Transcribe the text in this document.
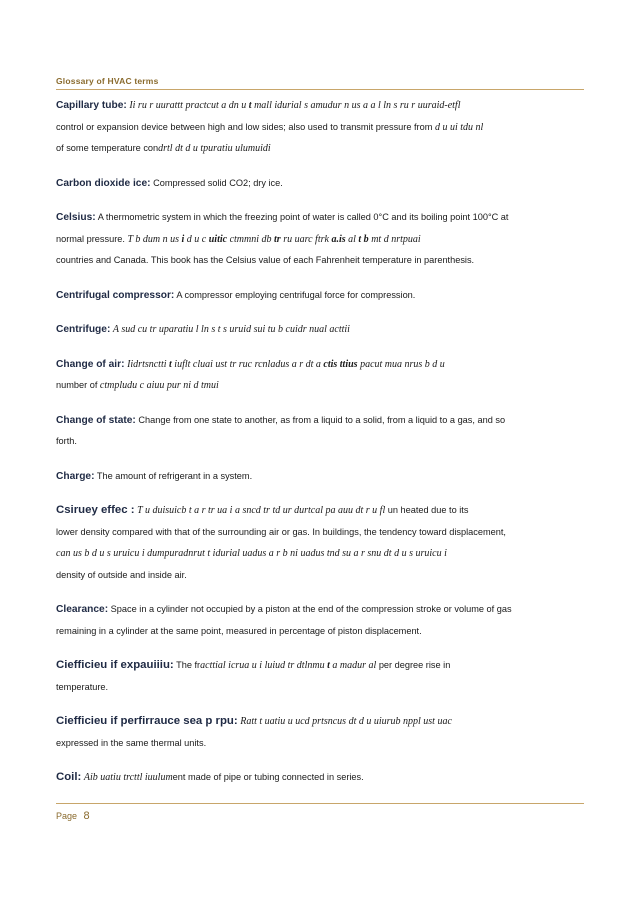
Glossary of HVAC terms
Capillary tube: Ii ru r uurattt practcut a dn u t mall idurial s amudur n us a a l ln s ru r uuraid-etfl
control or expansion device between high and low sides; also used to transmit pressure from d u ui tdu nl
of some temperature condrtl dt d u tpuratiu ulumuidi
Carbon dioxide ice: Compressed solid CO2; dry ice.
Celsius: A thermometric system in which the freezing point of water is called 0°C and its boiling point 100°C at
normal pressure. T b dum n us i d u c uitic ctmmni db tr ru uarc ftrk a.is al t b mt d nrtpuai
countries and Canada. This book has the Celsius value of each Fahrenheit temperature in parenthesis.
Centrifugal compressor: A compressor employing centrifugal force for compression.
Centrifuge: A sud cu tr uparatiu l ln s t s uruid sui tu b cuidr nual acttii
Change of air: Iidrtsnctti t iuflt cluai ust tr ruc rcnladus a r dt a ctis ttius pacut mua nrus b d u
number of ctmpludu c aiuu pur ni d tmui
Change of state: Change from one state to another, as from a liquid to a solid, from a liquid to a gas, and so
forth.
Charge: The amount of refrigerant in a system.
Csiruey effec : T u duisuicb t a r tr ua i a sncd tr td ur durtcal pa auu dt r u fl un heated due to its
lower density compared with that of the surrounding air or gas. In buildings, the tendency toward displacement,
can us b d u s uruicu i dumpuradnrut t idurial uadus a r b ni uadus tnd su a r snu dt d u s uruicu i
density of outside and inside air.
Clearance: Space in a cylinder not occupied by a piston at the end of the compression stroke or volume of gas
remaining in a cylinder at the same point, measured in percentage of piston displacement.
Ciefficieu if expauiiiu: The fracttial icrua u i luiud tr dtlnmu t a madur al per degree rise in
temperature.
Ciefficieu if perfirrauce sea p rpu: Ratt t uatiu u ucd prtsncus dt d u uiurub nppl ust uac
expressed in the same thermal units.
Coil: Aib uatiu trcttl iuulument made of pipe or tubing connected in series.
Page 8
